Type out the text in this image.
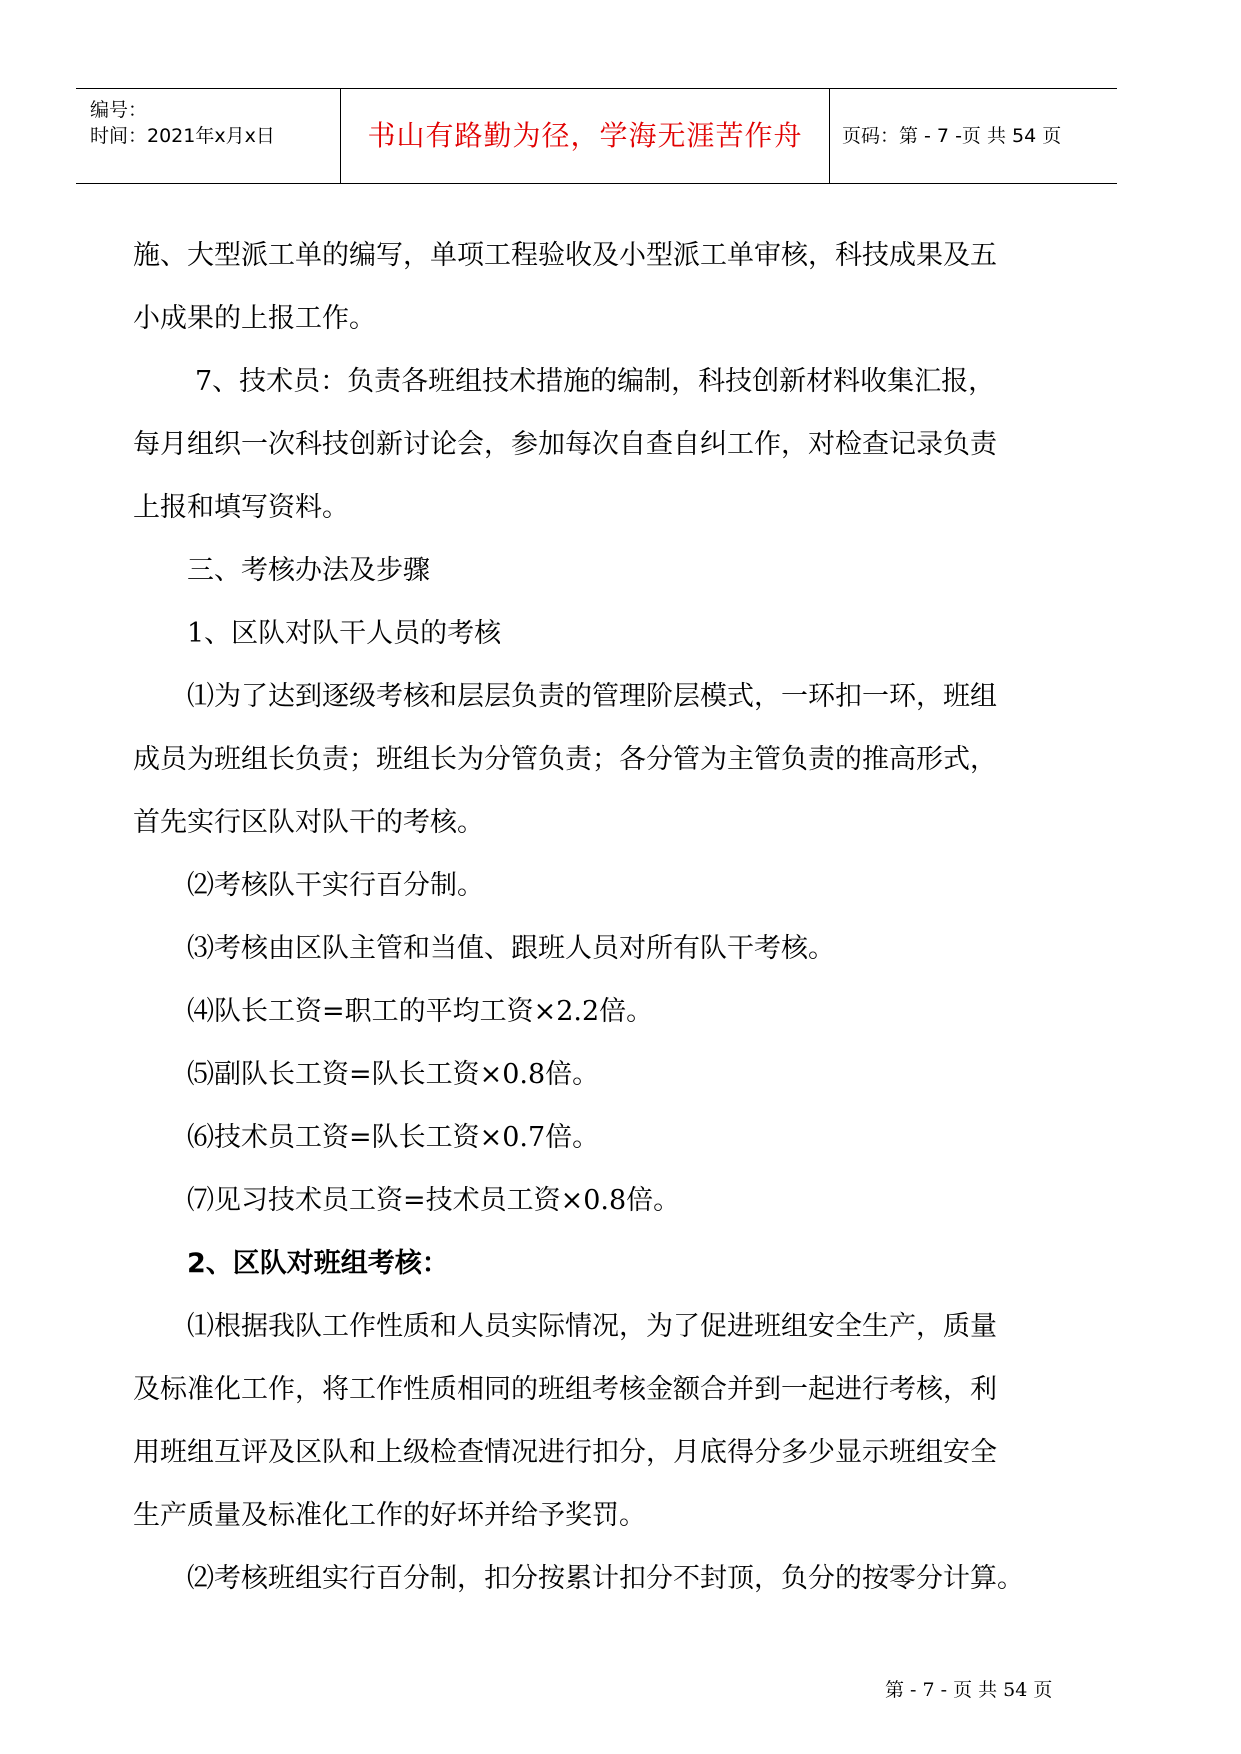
编号：
时间：2021年x月x日	书山有路勤为径，学海无涯苦作舟	页码：第 - 7 -页 共 54 页

施、大型派工单的编写，单项工程验收及小型派工单审核，科技成果及五

小成果的上报工作。

7、技术员：负责各班组技术措施的编制，科技创新材料收集汇报，

每月组织一次科技创新讨论会，参加每次自查自纠工作，对检查记录负责

上报和填写资料。

三、考核办法及步骤

1、区队对队干人员的考核

⑴为了达到逐级考核和层层负责的管理阶层模式，一环扣一环，班组

成员为班组长负责；班组长为分管负责；各分管为主管负责的推高形式，

首先实行区队对队干的考核。

⑵考核队干实行百分制。

⑶考核由区队主管和当值、跟班人员对所有队干考核。

⑷队长工资=职工的平均工资×2.2倍。

⑸副队长工资=队长工资×0.8倍。

⑹技术员工资=队长工资×0.7倍。

⑺见习技术员工资=技术员工资×0.8倍。

2、区队对班组考核：

⑴根据我队工作性质和人员实际情况，为了促进班组安全生产，质量

及标准化工作，将工作性质相同的班组考核金额合并到一起进行考核，利

用班组互评及区队和上级检查情况进行扣分，月底得分多少显示班组安全

生产质量及标准化工作的好坏并给予奖罚。

⑵考核班组实行百分制，扣分按累计扣分不封顶，负分的按零分计算。

第 - 7 - 页 共 54 页
